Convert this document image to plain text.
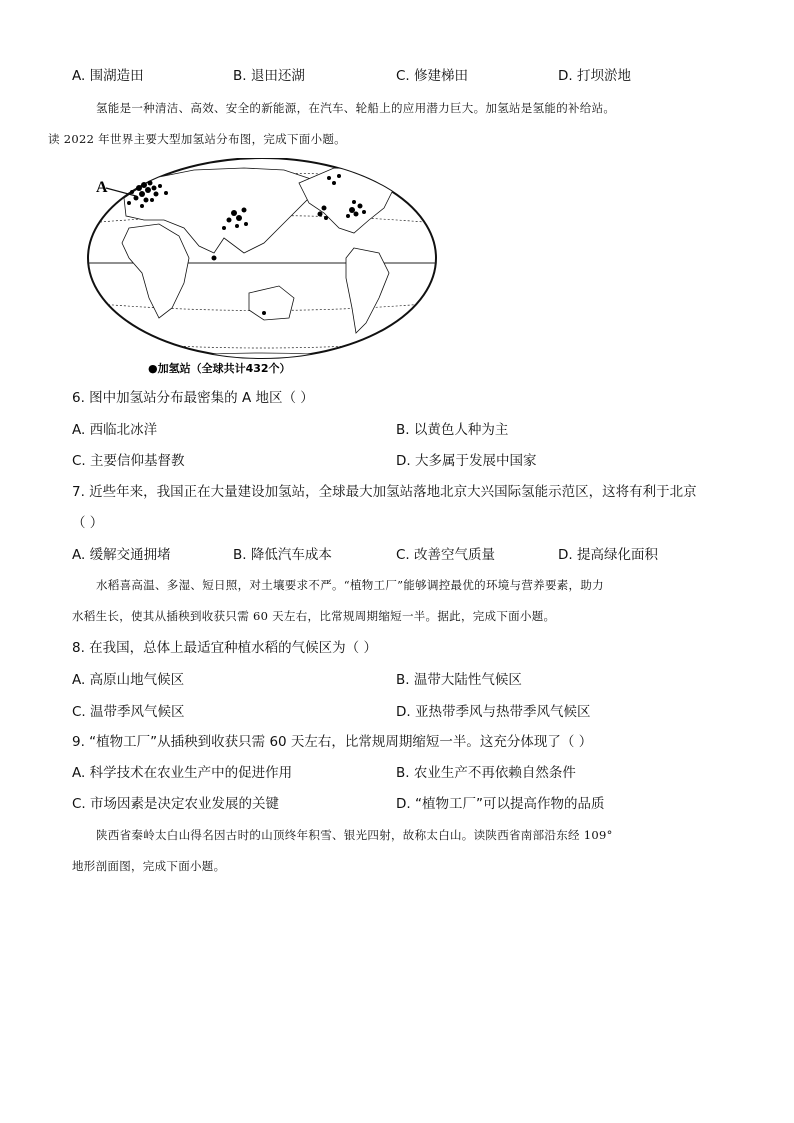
A. 围湖造田	B. 退田还湖	C. 修建梯田	D. 打坝淤地
氢能是一种清洁、高效、安全的新能源，在汽车、轮船上的应用潜力巨大。加氢站是氢能的补给站。
读 2022 年世界主要大型加氢站分布图，完成下面小题。
A
●加氢站（全球共计432个）
6. 图中加氢站分布最密集的 A 地区（ ）
A. 西临北冰洋	B. 以黄色人种为主
C. 主要信仰基督教	D. 大多属于发展中国家
7. 近些年来，我国正在大量建设加氢站，全球最大加氢站落地北京大兴国际氢能示范区，这将有利于北京
（ ）
A. 缓解交通拥堵	B. 降低汽车成本	C. 改善空气质量	D. 提高绿化面积
水稻喜高温、多湿、短日照，对土壤要求不严。“植物工厂”能够调控最优的环境与营养要素，助力
水稻生长，使其从插秧到收获只需 60 天左右，比常规周期缩短一半。据此，完成下面小题。
8. 在我国，总体上最适宜种植水稻的气候区为（ ）
A. 高原山地气候区	B. 温带大陆性气候区
C. 温带季风气候区	D. 亚热带季风与热带季风气候区
9. “植物工厂”从插秧到收获只需 60 天左右，比常规周期缩短一半。这充分体现了（ ）
A. 科学技术在农业生产中的促进作用	B. 农业生产不再依赖自然条件
C. 市场因素是决定农业发展的关键	D. “植物工厂”可以提高作物的品质
陕西省秦岭太白山得名因古时的山顶终年积雪、银光四射，故称太白山。读陕西省南部沿东经 109°
地形剖面图，完成下面小题。
